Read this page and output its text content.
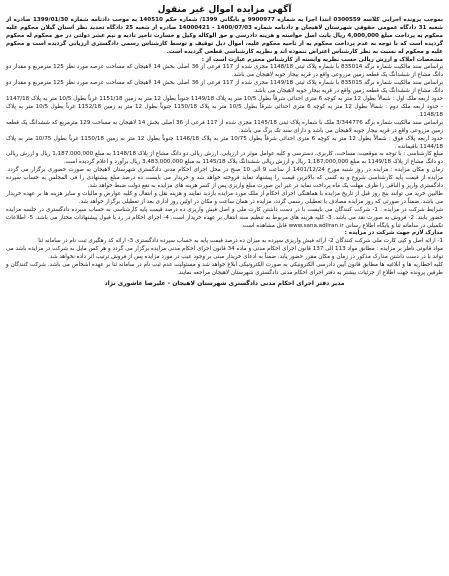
آگهی مزایده اموال غیر منقول

بموجب پرونده اجرایی کلاسه 0300559 ابتدا اجرا به شماره 9900977 و بایگانی 1399/ شماره حکم 140510 به موجب دادنامه شماره 1399/01/30 صادره از شعبه 31 دادگاه عمومی حقوقی شهرستان لاهیجان و دادنامه شماره 1400/07/03 - 14000421 صادره از شعبه 25 دادگاه تجدید نظر استان گیلان محکوم علیه محکوم به پرداخت مبلغ 4,000,000 ریال بابت اصل خواسته و هزینه دادرسی و حق الوکاله وکیل و خسارت تاخیر تادیه و نیم عشر دولتی در حق محکوم له محکوم گردیده است که با توجه به عدم پرداخت محکوم به از ناحیه محکوم علیه، اموال ذیل توقیف و توسط کارشناس رسمی دادگستری ارزیابی گردیده است و محکوم علیه و محکوم له نسبت به نظر کارشناس اعتراض ننموده اند و نظریه کارشناسی قطعی گردیده است.

مشخصات املاک و ارزش ریالی حسب نظریه وابسته از کارشناس محترم عبارت است از :

براساس سند مالکیت شماره برگه 835014 با شماره پلاک ثبتی 1148/18 مجزی شده از 117 فرعی از 36 اصلی بخش 14 لاهیجان که مساحت عرصه مورد نظر 125 مترمربع و مقدار دو دانگ مشاع از ششدانگ یک قطعه زمین مزروعی واقع در قریه بیجار جوبه لاهیجان می باشد.

براساس سند مالکیت شماره برگه 835015 با شماره پلاک ثبتی 1149/18 مجزی شده از 117 فرعی از 36 اصلی بخش 14 لاهیجان که مساحت عرصه مورد نظر 125 مترمربع و مقدار دو دانگ مشاع از ششدانگ یک قطعه زمین واقع در قریه بیجار جوبه لاهیجان می باشد.

حدود اربعه ملک اول : شمالاً بطول 12 متر به کوچه 6 متری احداثی شرقاً بطول 10/5 متر به پلاک 1149/18 جنوباً بطول 12 متر به زمین 1151/18 غرباً بطول 10/5 متر به پلاک 1147/18 - حدود اربعه ملک دوم : شمالاً بطول 12 متر به کوچه 6 متری احداثی شرقاً بطول 10/5 متر به پلاک 1150/18 جنوباً بطول 12 متر به زمین 1152/18 غرباً بطول 10/5 متر به پلاک 1148/18.

براساس سند مالکیت شماره برگه 3/344776 ملک با شماره پلاک ثبتی 1145/18 مجزی شده از 117 فرعی از 36 اصلی بخش 14 لاهیجان به مساحت 129 مترمربع که ششدانگ یک قطعه زمین مزروعی واقع در قریه بیجار جوبه لاهیجان می باشد و دارای سند تک برگ می باشد.

حدود اربعه پلاک فوق : شمالاً بطول 12 متر به کوچه 6 متری احداثی شرقاً بطول 10/75 متر به پلاک 1146/18 جنوباً بطول 12 متر به زمین 1150/18 غرباً بطول 10/75 متر به پلاک 1144/18 باقیمانده .

مبلغ کارشناسی : با توجه به موقعیت، مساحت، کاربری، دسترسی و کلیه عوامل موثر در ارزیابی، ارزش ریالی دو دانگ مشاع از پلاک 1148/18 به مبلغ 1,187,000,000 ریال و ارزش ریالی دو دانگ مشاع از پلاک 1149/18 به مبلغ 1,187,000,000 ریال و ارزش ریالی ششدانگ پلاک 1145/18 به مبلغ 3,483,000,000 ریال برآورد و اعلام گردیده است.

زمان و مکان مزایده : مزایده در روز شنبه مورخ 1401/12/24 از ساعت 9 الی 10 صبح در محل اجرای احکام مدنی دادگستری شهرستان لاهیجان به صورت حضوری برگزار می گردد. مزایده از قیمت پایه کارشناسی شروع و به کسی که بالاترین قیمت را پیشنهاد نماید فروخته خواهد شد و خریدار می بایست ده درصد مبلغ پیشنهادی را فی المجلس به حساب سپرده دادگستری واریز و الباقی را ظرف مهلت یک ماه پرداخت نماید در غیر این صورت مبلغ واریزی پس از کسر هزینه های مزایده به نفع دولت ضبط خواهد شد.

طالبین خرید می توانند پنج روز قبل از تاریخ مزایده با هماهنگی اجرای احکام از ملک مورد مزایده بازدید نمایند و هزینه نقل و انتقال و کلیه عوارض و مالیات و سایر هزینه ها بر عهده خریدار می باشد. ضمناً در صورتی که روز مزایده مصادف با تعطیلی رسمی گردد، مزایده در همان ساعت و مکان در اولین روز اداری بعد از تعطیلی برگزار خواهد شد.

شرایط شرکت در مزایده : 1- شرکت کنندگان می بایست با در دست داشتن کارت ملی و اصل فیش واریزی ده درصد قیمت پایه کارشناسی به حساب سپرده دادگستری در جلسه مزایده حضور یابند. 2- فروش به صورت نقد می باشد. 3- کلیه هزینه های مربوط به تنظیم سند انتقال بر عهده خریدار است. 4- اجرای احکام در رد یا قبول پیشنهادات مختار می باشد. 5- اطلاعات تکمیلی در سامانه ثنا و پایگاه اطلاع رسانی www.sana.adliran.ir قابل مشاهده است.

مدارک لازم جهت شرکت در مزایده :

1- ارائه اصل و کپی کارت ملی شرکت کنندگان 2- ارائه فیش واریزی سپرده به میزان ده درصد قیمت پایه به حساب سپرده دادگستری 3- ارائه کد رهگیری ثبت نام در سامانه ثنا

مواد قانونی ناظر بر مزایده : مطابق مواد 113 الی 137 قانون اجرای احکام مدنی و ماده 34 قانون اجرای احکام مدنی مزایده برگزار می گردد و هر کس مایل به شرکت در مزایده باشد می تواند با در دست داشتن مدارک مذکور در زمان و مکان مقرر حضور یابد. ضمناً به ادعای خریدار مبنی بر وجود عیب در مورد مزایده پس از فروش ترتیب اثر داده نخواهد شد.

کلیه اخطاریه ها و ابلاغیه ها مطابق قانون آیین دادرسی الکترونیکی به صورت الکترونیکی ابلاغ خواهد شد و مسئولیت عدم ثبت نام در سامانه ثنا بر عهده اشخاص می باشد. شرکت کنندگان و طرفین پرونده جهت اطلاع از جزئیات بیشتر به دفتر اجرای احکام مدنی دادگستری شهرستان لاهیجان مراجعه نمایند.

مدیر دفتر اجرای احکام مدنی دادگستری شهرستان لاهیجان - علیرضا عاشوری نژاد
